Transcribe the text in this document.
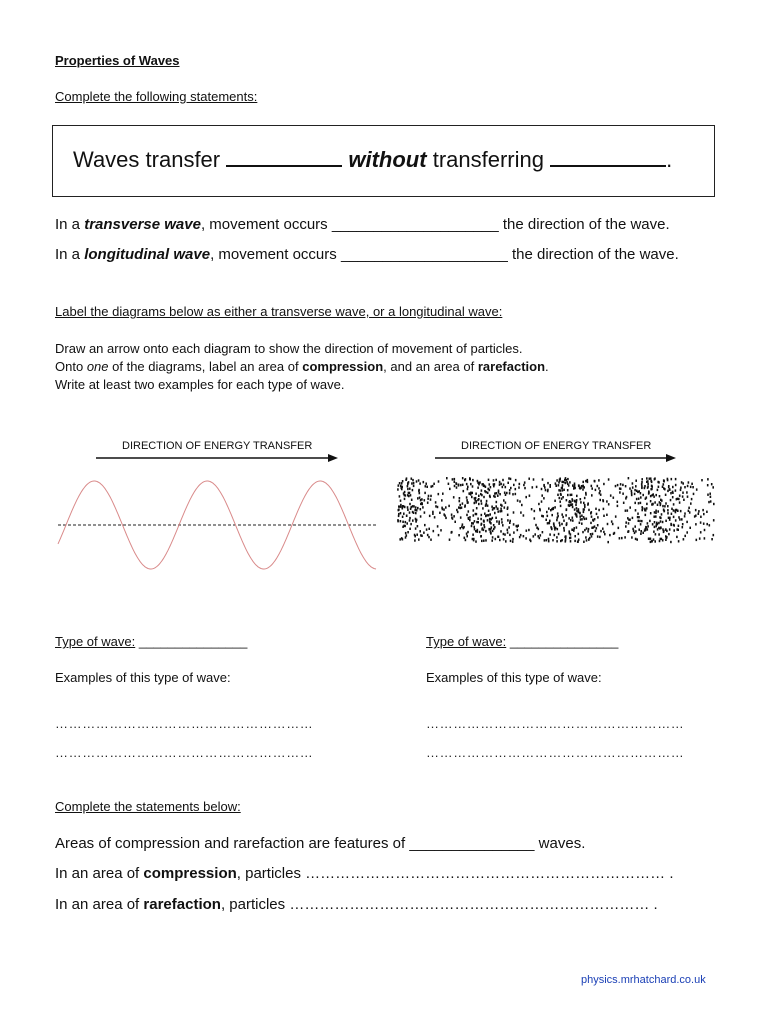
Properties of Waves
Complete the following statements:
Waves transfer	without transferring	.
In a transverse wave, movement occurs ____________________ the direction of the wave.
In a longitudinal wave, movement occurs ____________________ the direction of the wave.
Label the diagrams below as either a transverse wave, or a longitudinal wave:
Draw an arrow onto each diagram to show the direction of movement of particles.
Onto one of the diagrams, label an area of compression, and an area of rarefaction.
Write at least two examples for each type of wave.
DIRECTION OF ENERGY TRANSFER	DIRECTION OF ENERGY TRANSFER
Type of wave: _______________
Examples of this type of wave:
…………………………………………………
…………………………………………………
Type of wave: _______________
Examples of this type of wave:
…………………………………………………
…………………………………………………
Complete the statements below:
Areas of compression and rarefaction are features of _______________ waves.
In an area of compression, particles ……………………………………………………………… .
In an area of rarefaction, particles ……………………………………………………………… .
physics.mrhatchard.co.uk
